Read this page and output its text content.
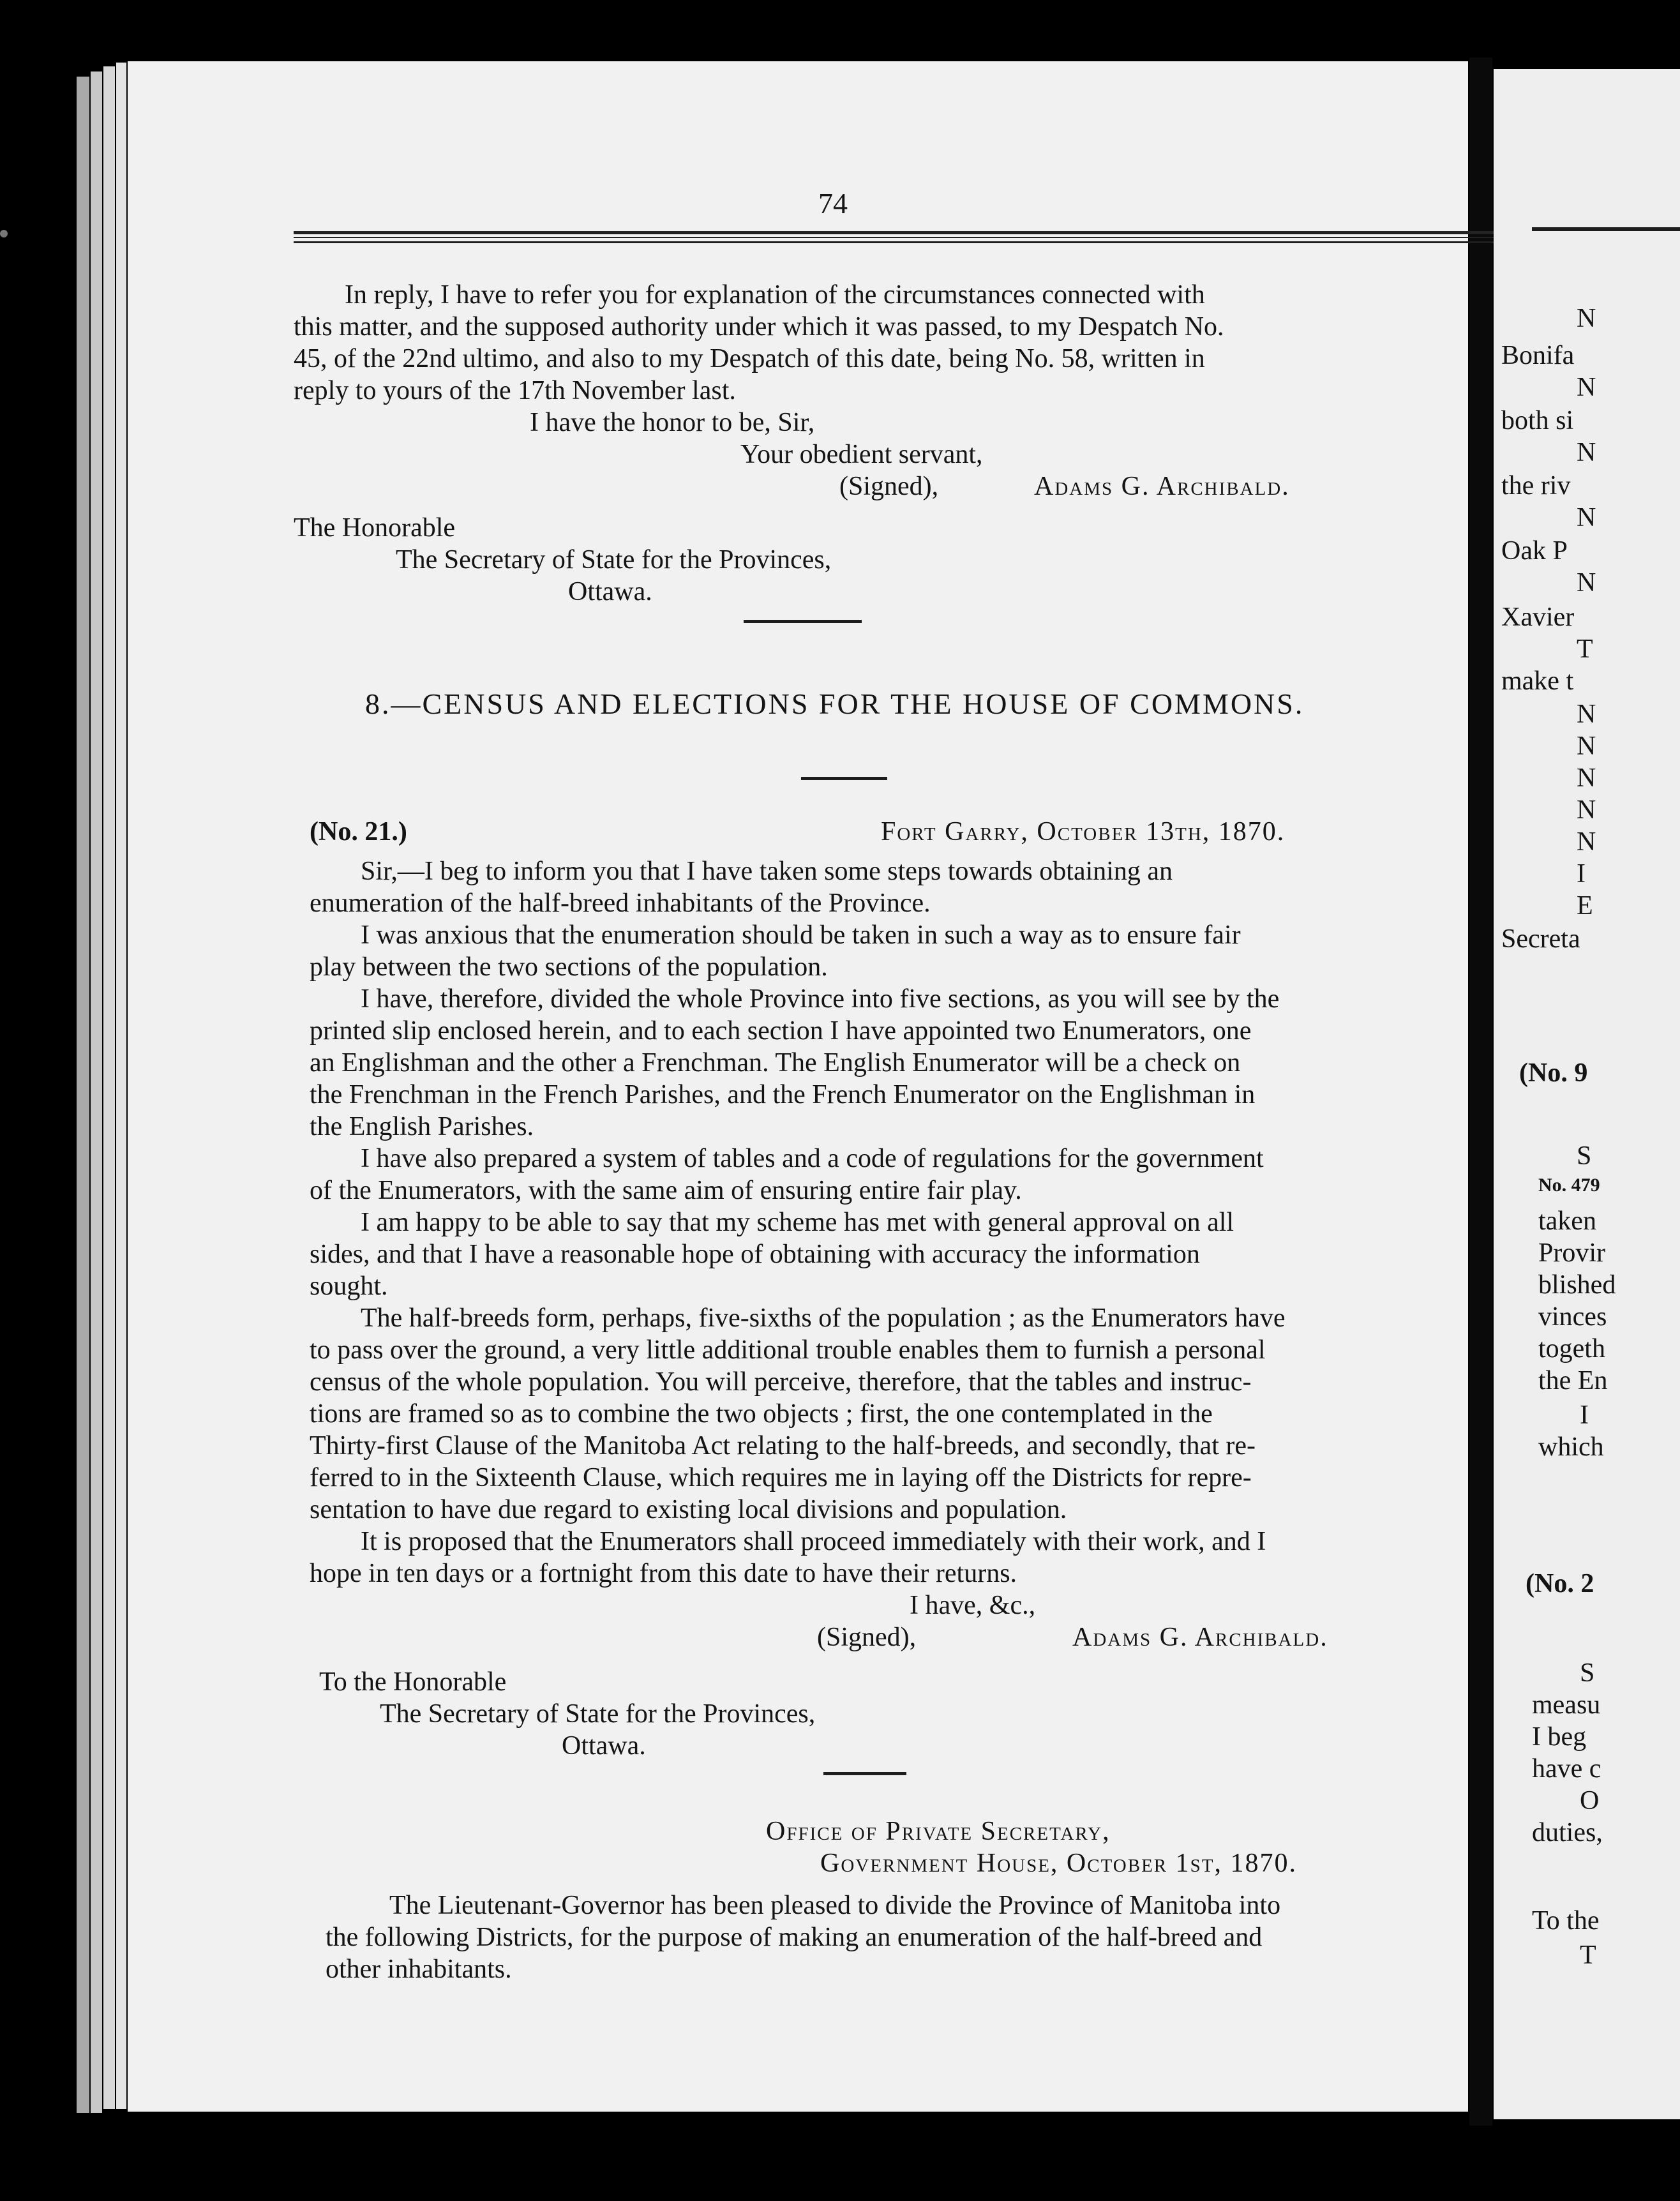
74
In reply, I have to refer you for explanation of the circumstances connected with
this matter, and the supposed authority under which it was passed, to my Despatch No.
45, of the 22nd ultimo, and also to my Despatch of this date, being No. 58, written in
reply to yours of the 17th November last.
I have the honor to be, Sir,
Your obedient servant,
(Signed),	Adams G. Archibald.
The Honorable
The Secretary of State for the Provinces,
Ottawa.
8.—CENSUS AND ELECTIONS FOR THE HOUSE OF COMMONS.
(No. 21.)	Fort Garry, October 13th, 1870.
Sir,—I beg to inform you that I have taken some steps towards obtaining an
enumeration of the half-breed inhabitants of the Province.
I was anxious that the enumeration should be taken in such a way as to ensure fair
play between the two sections of the population.
I have, therefore, divided the whole Province into five sections, as you will see by the
printed slip enclosed herein, and to each section I have appointed two Enumerators, one
an Englishman and the other a Frenchman. The English Enumerator will be a check on
the Frenchman in the French Parishes, and the French Enumerator on the Englishman in
the English Parishes.
I have also prepared a system of tables and a code of regulations for the government
of the Enumerators, with the same aim of ensuring entire fair play.
I am happy to be able to say that my scheme has met with general approval on all
sides, and that I have a reasonable hope of obtaining with accuracy the information
sought.
The half-breeds form, perhaps, five-sixths of the population ; as the Enumerators have
to pass over the ground, a very little additional trouble enables them to furnish a personal
census of the whole population. You will perceive, therefore, that the tables and instruc-
tions are framed so as to combine the two objects ; first, the one contemplated in the
Thirty-first Clause of the Manitoba Act relating to the half-breeds, and secondly, that re-
ferred to in the Sixteenth Clause, which requires me in laying off the Districts for repre-
sentation to have due regard to existing local divisions and population.
It is proposed that the Enumerators shall proceed immediately with their work, and I
hope in ten days or a fortnight from this date to have their returns.
I have, &c.,
(Signed),	Adams G. Archibald.
To the Honorable
The Secretary of State for the Provinces,
Ottawa.
Office of Private Secretary,
Government House, October 1st, 1870.
The Lieutenant-Governor has been pleased to divide the Province of Manitoba into
the following Districts, for the purpose of making an enumeration of the half-breed and
other inhabitants.
N
Bonifa
N
both si
N
the riv
N
Oak P
N
Xavier
T
make t
N
N
N
N
N
I
E
Secreta
(No. 9
S
No. 479
taken
Provir
blished
vinces
togeth
the En
I
which
(No. 2
S
measu
I beg
have c
O
duties,
To the
T
